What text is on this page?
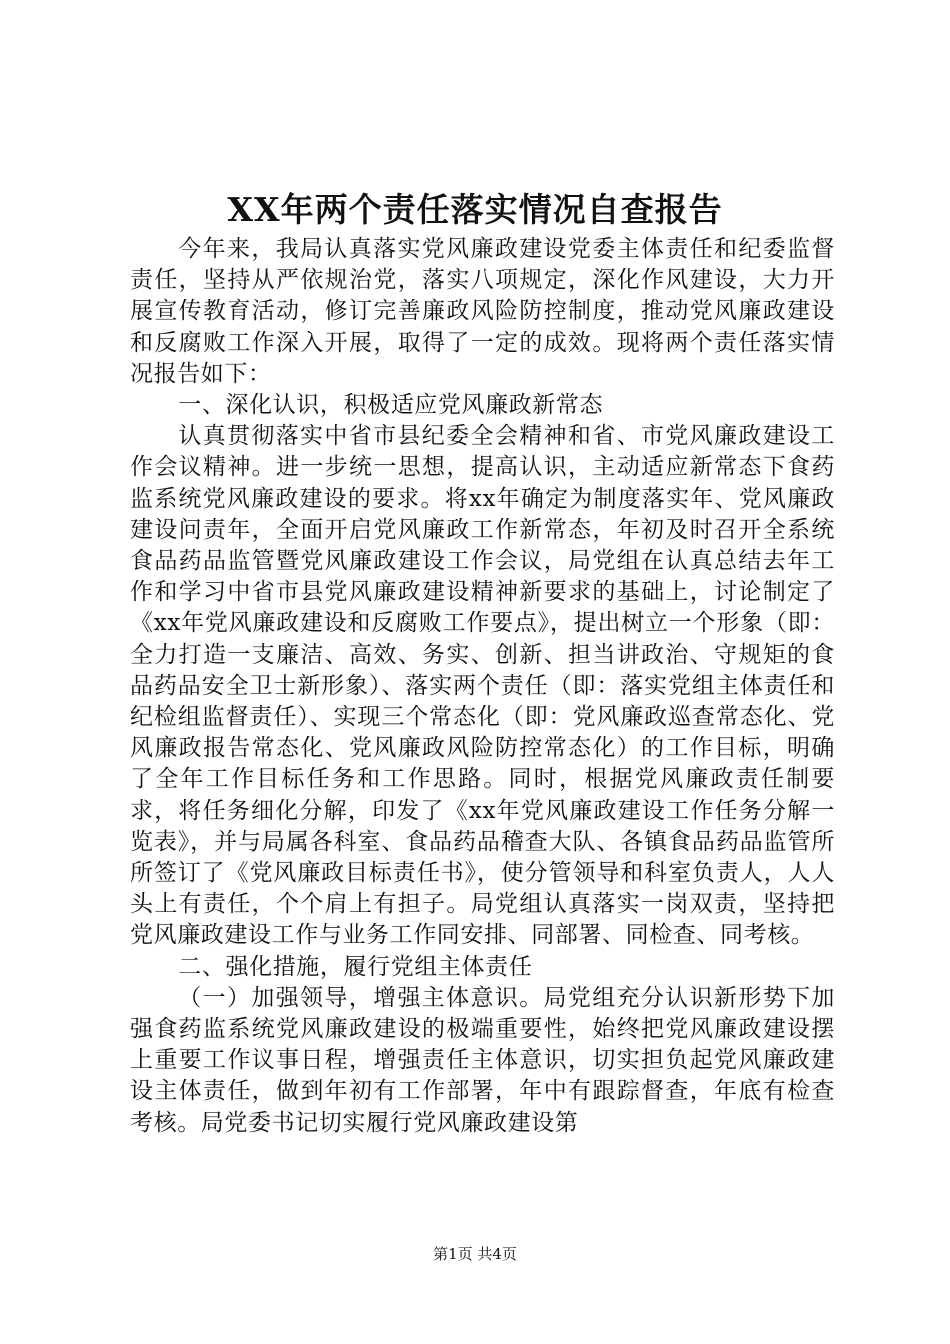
XX年两个责任落实情况自查报告

今年来，我局认真落实党风廉政建设党委主体责任和纪委监督责任，坚持从严依规治党，落实八项规定，深化作风建设，大力开展宣传教育活动，修订完善廉政风险防控制度，推动党风廉政建设和反腐败工作深入开展，取得了一定的成效。现将两个责任落实情况报告如下：

一、深化认识，积极适应党风廉政新常态

认真贯彻落实中省市县纪委全会精神和省、市党风廉政建设工作会议精神。进一步统一思想，提高认识，主动适应新常态下食药监系统党风廉政建设的要求。将xx年确定为制度落实年、党风廉政建设问责年，全面开启党风廉政工作新常态，年初及时召开全系统食品药品监管暨党风廉政建设工作会议，局党组在认真总结去年工作和学习中省市县党风廉政建设精神新要求的基础上，讨论制定了《xx年党风廉政建设和反腐败工作要点》，提出树立一个形象（即：全力打造一支廉洁、高效、务实、创新、担当讲政治、守规矩的食品药品安全卫士新形象）、落实两个责任（即：落实党组主体责任和纪检组监督责任）、实现三个常态化（即：党风廉政巡查常态化、党风廉政报告常态化、党风廉政风险防控常态化）的工作目标，明确了全年工作目标任务和工作思路。同时，根据党风廉政责任制要求，将任务细化分解，印发了《xx年党风廉政建设工作任务分解一览表》，并与局属各科室、食品药品稽查大队、各镇食品药品监管所所签订了《党风廉政目标责任书》，使分管领导和科室负责人，人人头上有责任，个个肩上有担子。局党组认真落实一岗双责，坚持把党风廉政建设工作与业务工作同安排、同部署、同检查、同考核。

二、强化措施，履行党组主体责任

（一）加强领导，增强主体意识。局党组充分认识新形势下加强食药监系统党风廉政建设的极端重要性，始终把党风廉政建设摆上重要工作议事日程，增强责任主体意识，切实担负起党风廉政建设主体责任，做到年初有工作部署，年中有跟踪督查，年底有检查考核。局党委书记切实履行党风廉政建设第

第1页 共4页
